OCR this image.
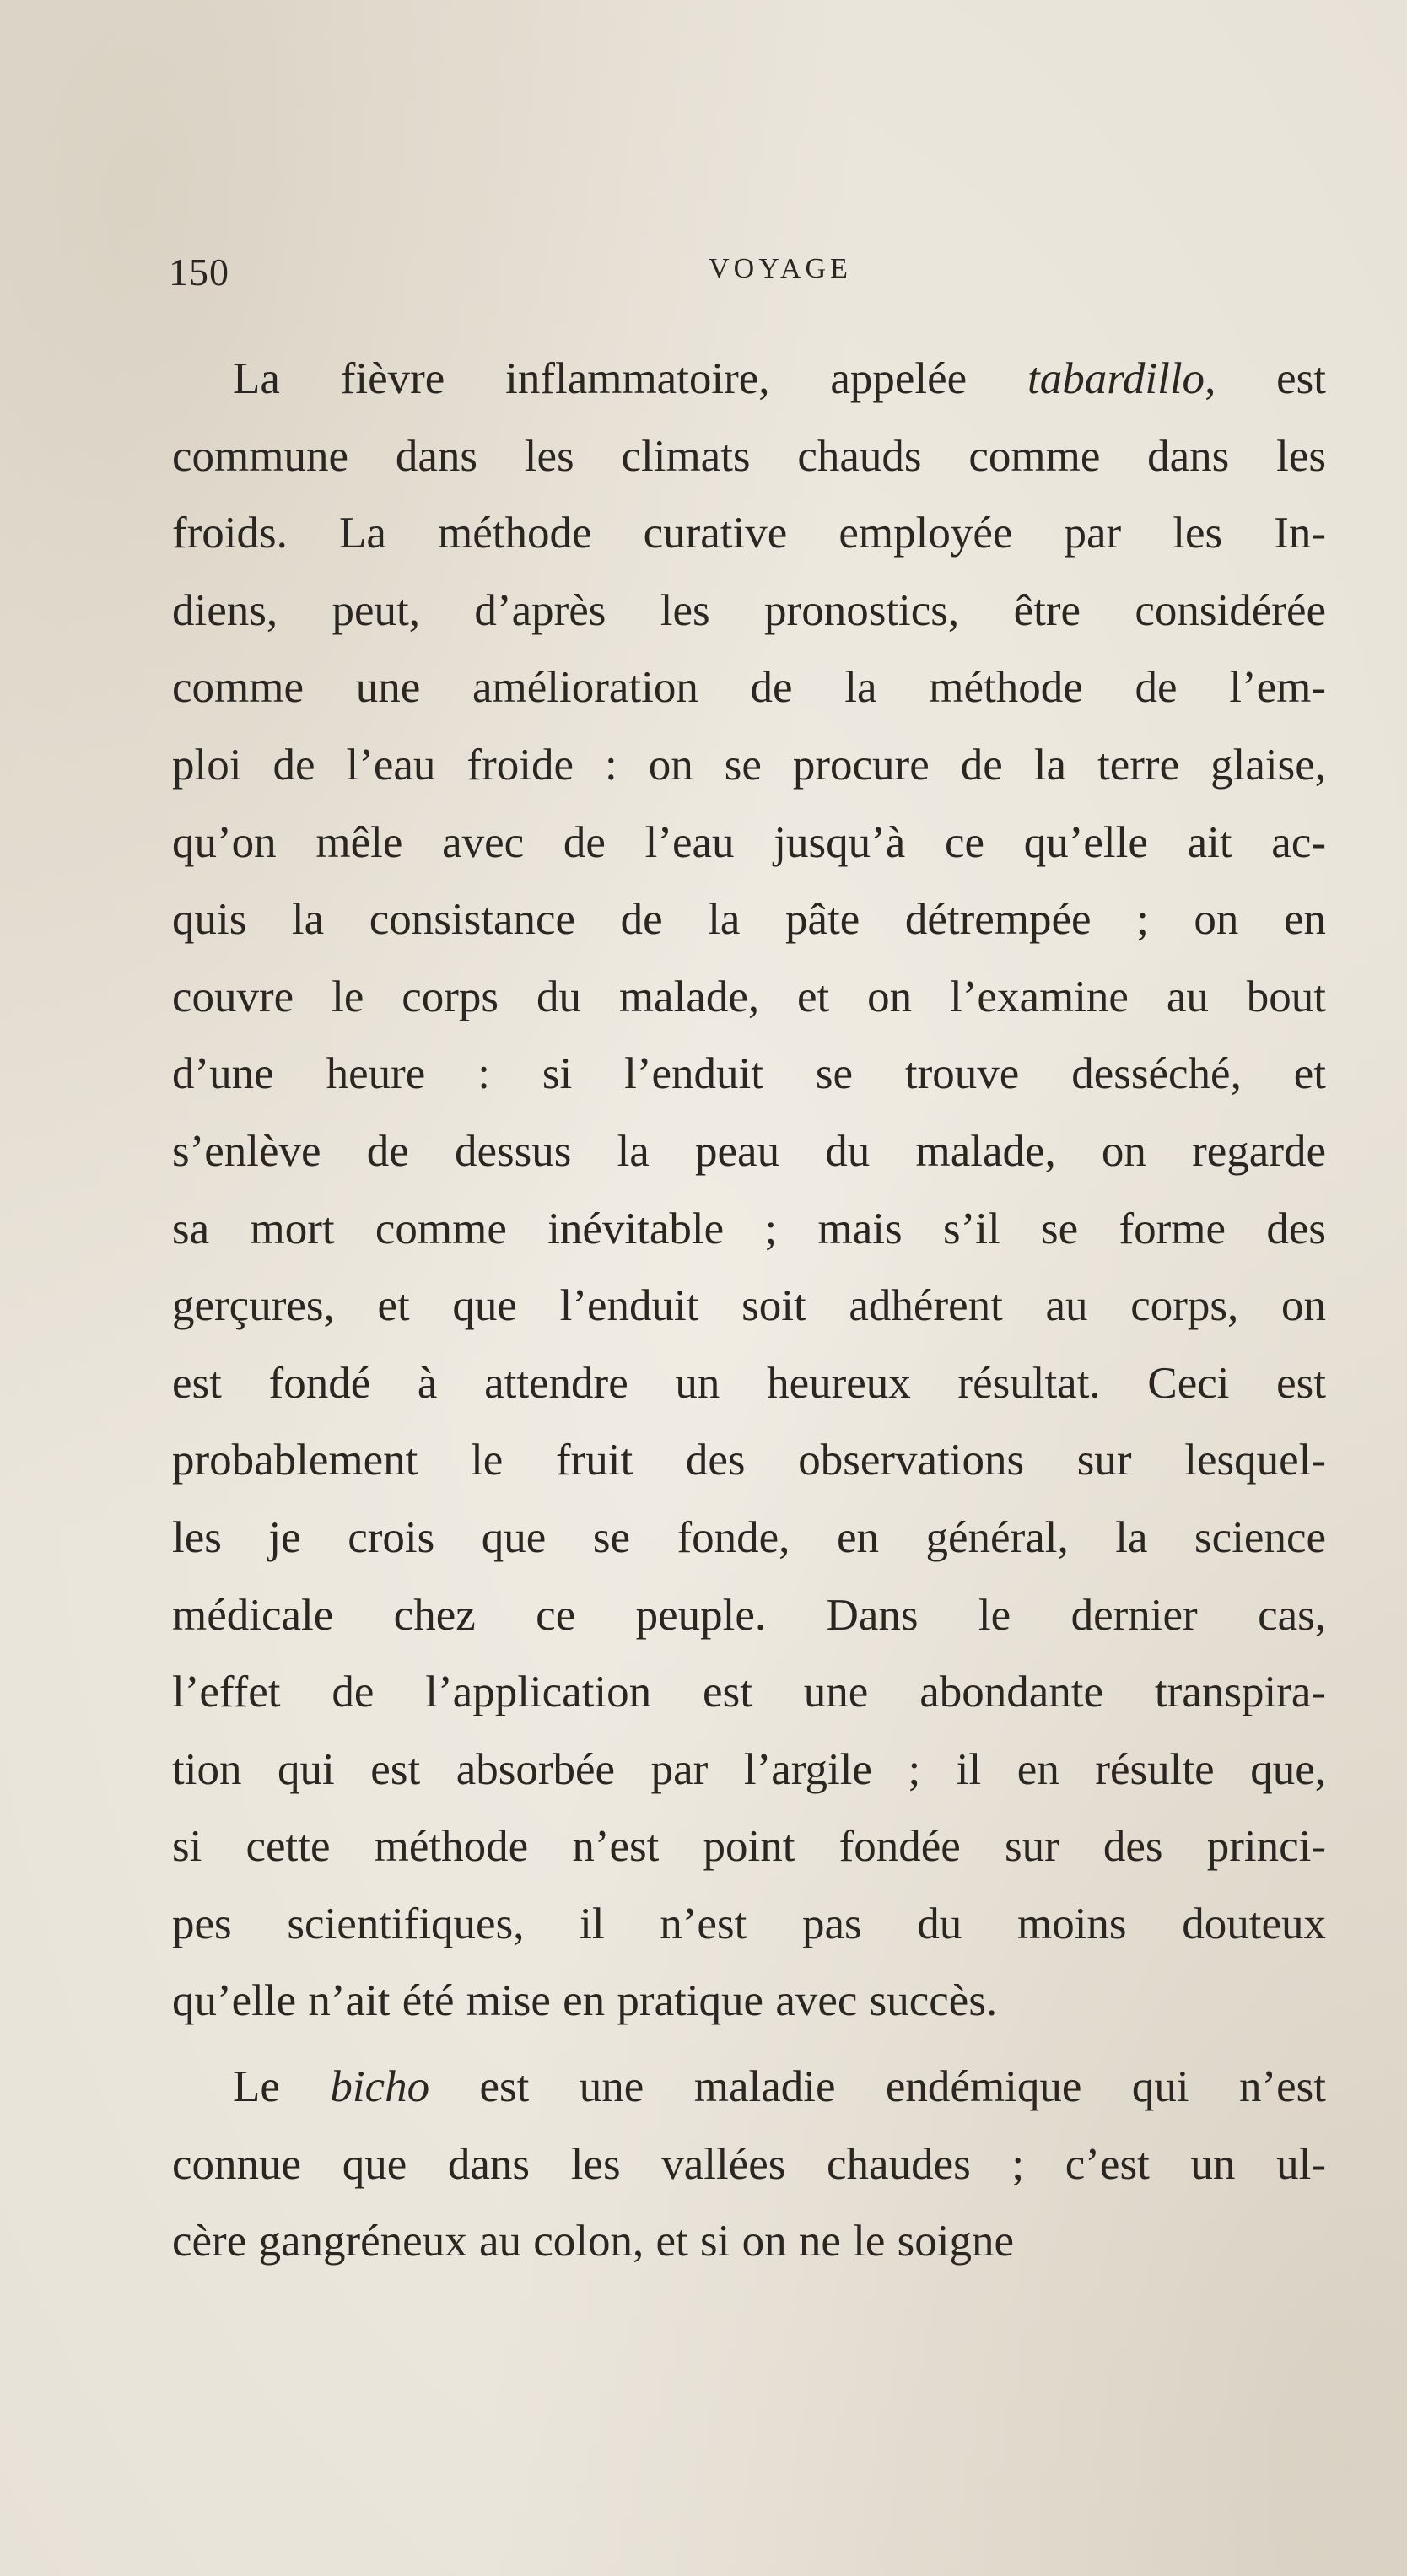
150	VOYAGE
La fièvre inflammatoire, appelée tabardillo, est
commune dans les climats chauds comme dans les
froids. La méthode curative employée par les In-
diens, peut, d’après les pronostics, être considérée
comme une amélioration de la méthode de l’em-
ploi de l’eau froide : on se procure de la terre glaise,
qu’on mêle avec de l’eau jusqu’à ce qu’elle ait ac-
quis la consistance de la pâte détrempée ; on en
couvre le corps du malade, et on l’examine au bout
d’une heure : si l’enduit se trouve desséché, et
s’enlève de dessus la peau du malade, on regarde
sa mort comme inévitable ; mais s’il se forme des
gerçures, et que l’enduit soit adhérent au corps, on
est fondé à attendre un heureux résultat. Ceci est
probablement le fruit des observations sur lesquel-
les je crois que se fonde, en général, la science
médicale chez ce peuple. Dans le dernier cas,
l’effet de l’application est une abondante transpira-
tion qui est absorbée par l’argile ; il en résulte que,
si cette méthode n’est point fondée sur des princi-
pes scientifiques, il n’est pas du moins douteux
qu’elle n’ait été mise en pratique avec succès.
Le bicho est une maladie endémique qui n’est
connue que dans les vallées chaudes ; c’est un ul-
cère gangréneux au colon, et si on ne le soigne
